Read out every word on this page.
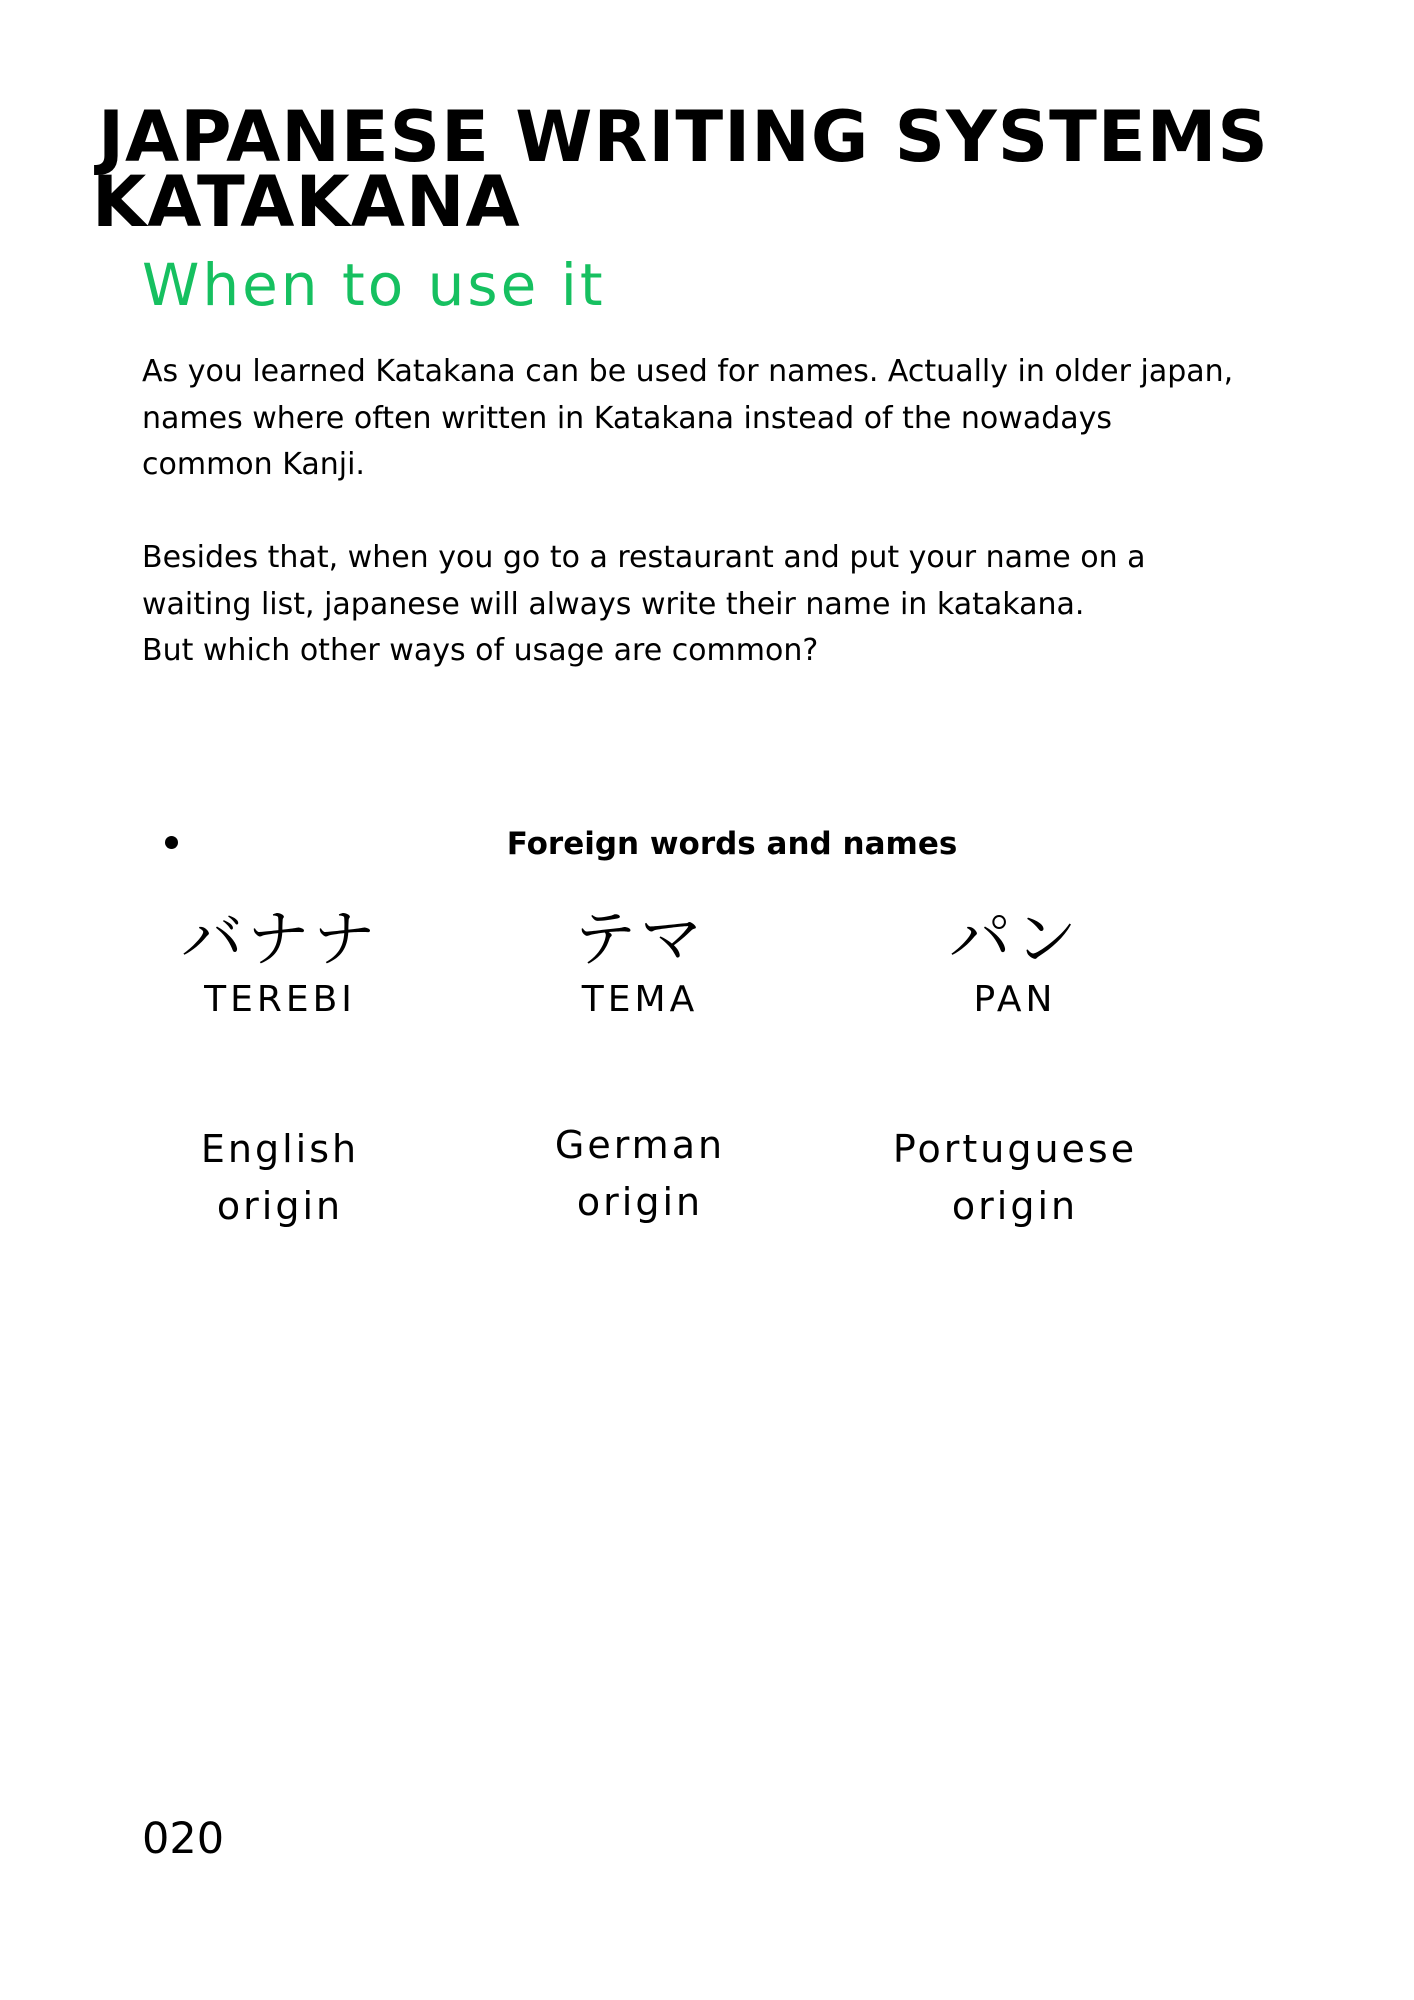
JAPANESE WRITING SYSTEMS
KATAKANA
When to use it

As you learned Katakana can be used for names. Actually in older japan,
names where often written in Katakana instead of the nowadays
common Kanji.

Besides that, when you go to a restaurant and put your name on a
waiting list, japanese will always write their name in katakana.
But which other ways of usage are common?

Foreign words and names
バナナ
TEREBI
English
origin
テマ
TEMA
German
origin
パン
PAN
Portuguese
origin

020
